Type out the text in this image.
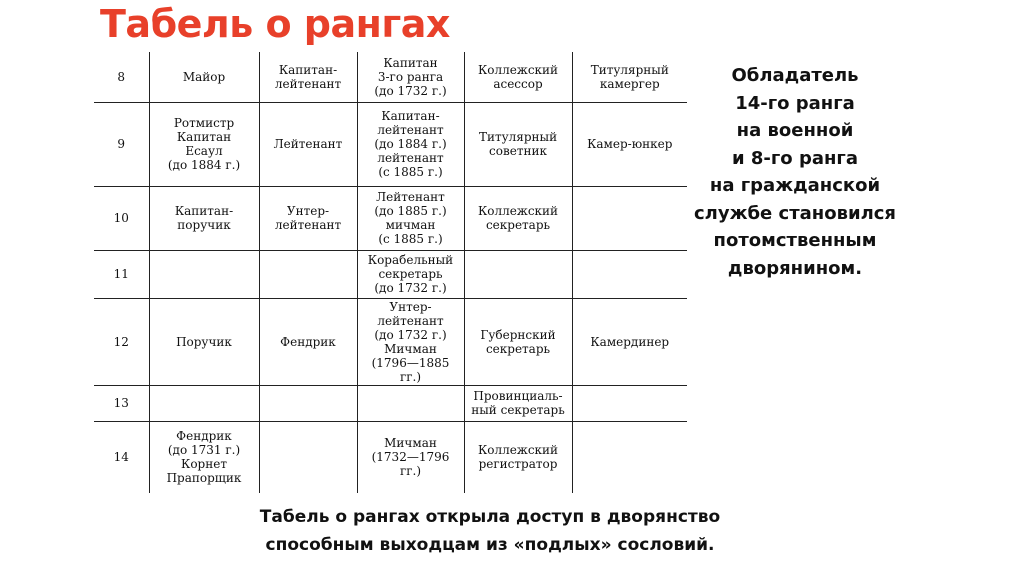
Табель о рангах
8	Майор	Капитан-
лейтенант	Капитан
3-го ранга
(до 1732 г.)	Коллежский
асессор	Титулярный
камергер
9	Ротмистр
Капитан
Есаул
(до 1884 г.)	Лейтенант	Капитан-
лейтенант
(до 1884 г.)
лейтенант
(с 1885 г.)	Титулярный
советник	Камер-юнкер
10	Капитан-
поручик	Унтер-
лейтенант	Лейтенант
(до 1885 г.)
мичман
(с 1885 г.)	Коллежский
секретарь	
11			Корабельный
секретарь
(до 1732 г.)		
12	Поручик	Фендрик	Унтер-
лейтенант
(до 1732 г.)
Мичман
(1796—1885 гг.)	Губернский
секретарь	Камердинер
13				Провинциаль-
ный секретарь	
14	Фендрик
(до 1731 г.)
Корнет
Прапорщик		Мичман
(1732—1796 гг.)	Коллежский
регистратор	
Обладатель
14-го ранга
на военной
и 8-го ранга
на гражданской
службе становился
потомственным
дворянином.
Табель о рангах открыла доступ в дворянство
способным выходцам из «подлых» сословий.
